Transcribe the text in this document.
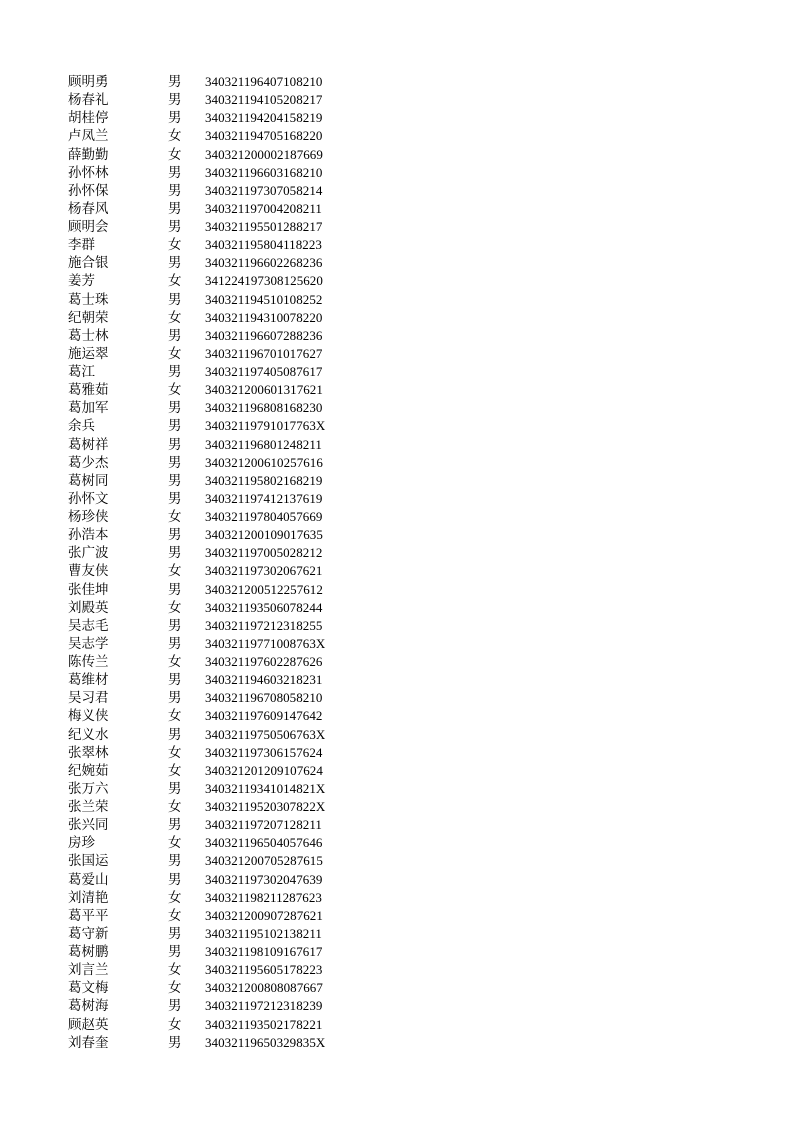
顾明勇	男 340321196407108210
杨春礼	男 340321194105208217
胡桂停	男 340321194204158219
卢凤兰	女 340321194705168220
薛勤勤	女 340321200002187669
孙怀林	男 340321196603168210
孙怀保	男 340321197307058214
杨春风	男 340321197004208211
顾明会	男 340321195501288217
李群	女 340321195804118223
施合银	男 340321196602268236
姜芳	女 341224197308125620
葛士珠	男 340321194510108252
纪朝荣	女 340321194310078220
葛士林	男 340321196607288236
施运翠	女 340321196701017627
葛江	男 340321197405087617
葛雅茹	女 340321200601317621
葛加军	男 340321196808168230
余兵	男 34032119791017763X
葛树祥	男 340321196801248211
葛少杰	男 340321200610257616
葛树同	男 340321195802168219
孙怀文	男 340321197412137619
杨珍侠	女 340321197804057669
孙浩本	男 340321200109017635
张广波	男 340321197005028212
曹友侠	女 340321197302067621
张佳坤	男 340321200512257612
刘殿英	女 340321193506078244
吴志毛	男 340321197212318255
吴志学	男 34032119771008763X
陈传兰	女 340321197602287626
葛维材	男 340321194603218231
吴习君	男 340321196708058210
梅义侠	女 340321197609147642
纪义水	男 34032119750506763X
张翠林	女 340321197306157624
纪婉茹	女 340321201209107624
张万六	男 34032119341014821X
张兰荣	女 34032119520307822X
张兴同	男 340321197207128211
房珍	女 340321196504057646
张国运	男 340321200705287615
葛爱山	男 340321197302047639
刘清艳	女 340321198211287623
葛平平	女 340321200907287621
葛守新	男 340321195102138211
葛树鹏	男 340321198109167617
刘言兰	女 340321195605178223
葛文梅	女 340321200808087667
葛树海	男 340321197212318239
顾赵英	女 340321193502178221
刘春奎	男 34032119650329835X
